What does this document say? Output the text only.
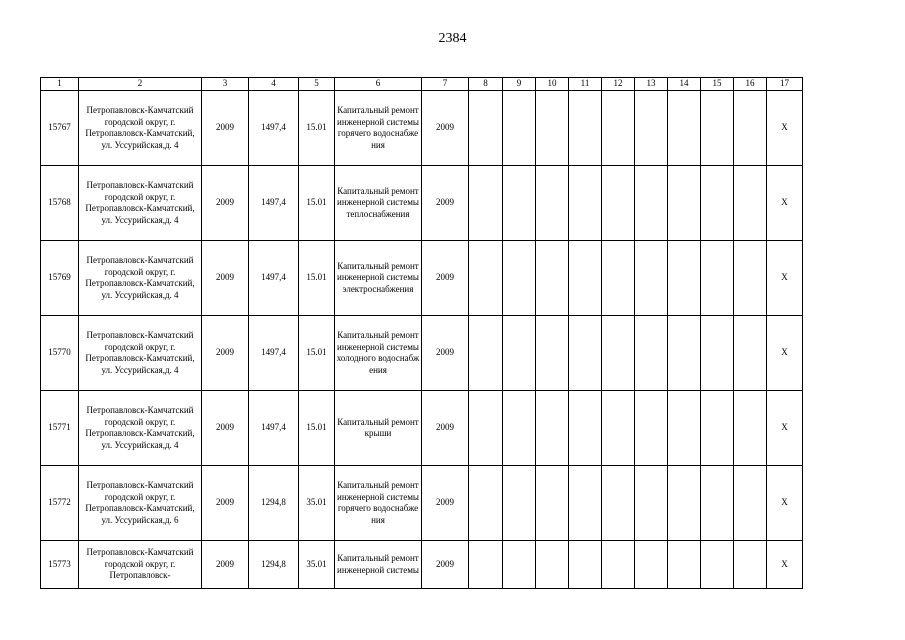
2384
1	2	3	4	5	6	7	8	9	10	11	12	13	14	15	16	17
15767	Петропавловск-Камчатский городской округ, г. Петропавловск-Камчатский, ул. Уссурийская,д. 4	2009	1497,4	15.01	Капитальный ремонт инженерной системы горячего водоснабжения	2009										Х
15768	Петропавловск-Камчатский городской округ, г. Петропавловск-Камчатский, ул. Уссурийская,д. 4	2009	1497,4	15.01	Капитальный ремонт инженерной системы теплоснабжения	2009										Х
15769	Петропавловск-Камчатский городской округ, г. Петропавловск-Камчатский, ул. Уссурийская,д. 4	2009	1497,4	15.01	Капитальный ремонт инженерной системы электроснабжения	2009										Х
15770	Петропавловск-Камчатский городской округ, г. Петропавловск-Камчатский, ул. Уссурийская,д. 4	2009	1497,4	15.01	Капитальный ремонт инженерной системы холодного водоснабжения	2009										Х
15771	Петропавловск-Камчатский городской округ, г. Петропавловск-Камчатский, ул. Уссурийская,д. 4	2009	1497,4	15.01	Капитальный ремонт крыши	2009										Х
15772	Петропавловск-Камчатский городской округ, г. Петропавловск-Камчатский, ул. Уссурийская,д. 6	2009	1294,8	35.01	Капитальный ремонт инженерной системы горячего водоснабжения	2009										Х
15773	Петропавловск-Камчатский городской округ, г. Петропавловск-	2009	1294,8	35.01	Капитальный ремонт инженерной системы	2009										Х
